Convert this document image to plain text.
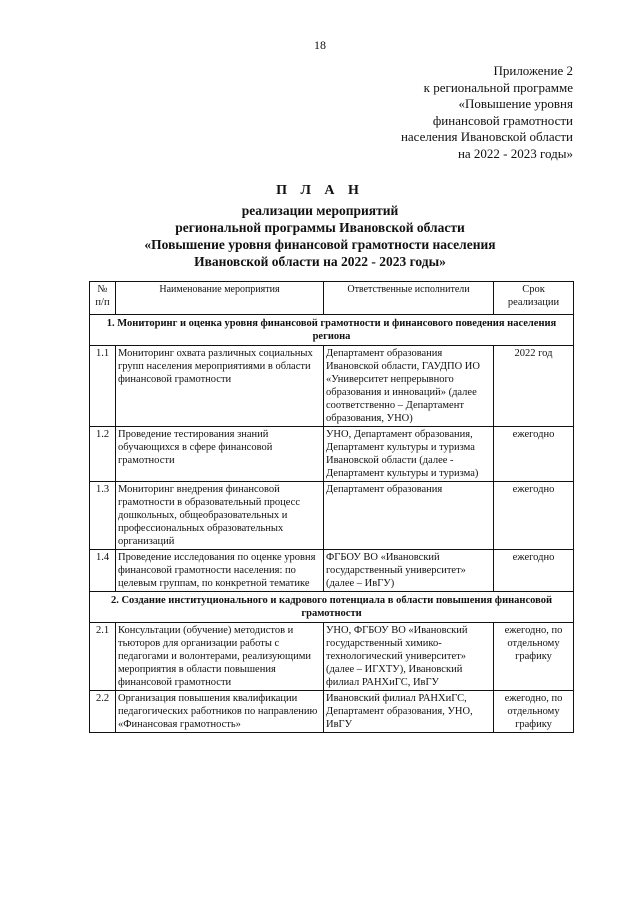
18
Приложение 2
к региональной программе
«Повышение уровня
финансовой грамотности
населения Ивановской области
на 2022 - 2023 годы»
П Л А Н
реализации мероприятий
региональной программы Ивановской области
«Повышение уровня финансовой грамотности населения
Ивановской области на 2022 - 2023 годы»
№ п/п	Наименование мероприятия	Ответственные исполнители	Срок реализации
1. Мониторинг и оценка уровня финансовой грамотности и финансового поведения населения региона			
1.1	Мониторинг охвата различных социальных групп населения мероприятиями в области финансовой грамотности	Департамент образования Ивановской области, ГАУДПО ИО «Университет непрерывного образования и инноваций» (далее соответственно – Департамент образования, УНО)	2022 год
1.2	Проведение тестирования знаний обучающихся в сфере финансовой грамотности	УНО, Департамент образования, Департамент культуры и туризма Ивановской области (далее - Департамент культуры и туризма)	ежегодно
1.3	Мониторинг внедрения финансовой грамотности в образовательный процесс дошкольных, общеобразовательных и профессиональных образовательных организаций	Департамент образования	ежегодно
1.4	Проведение исследования по оценке уровня финансовой грамотности населения: по целевым группам, по конкретной тематике	ФГБОУ ВО «Ивановский государственный университет» (далее – ИвГУ)	ежегодно
2. Создание институционального и кадрового потенциала в области повышения финансовой грамотности			
2.1	Консультации (обучение) методистов и тьюторов для организации работы с педагогами и волонтерами, реализующими мероприятия в области повышения финансовой грамотности	УНО, ФГБОУ ВО «Ивановский государственный химико-технологический университет» (далее – ИГХТУ), Ивановский филиал РАНХиГС, ИвГУ	ежегодно, по отдельному графику
2.2	Организация повышения квалификации педагогических работников по направлению «Финансовая грамотность»	Ивановский филиал РАНХиГС, Департамент образования, УНО, ИвГУ	ежегодно, по отдельному графику
